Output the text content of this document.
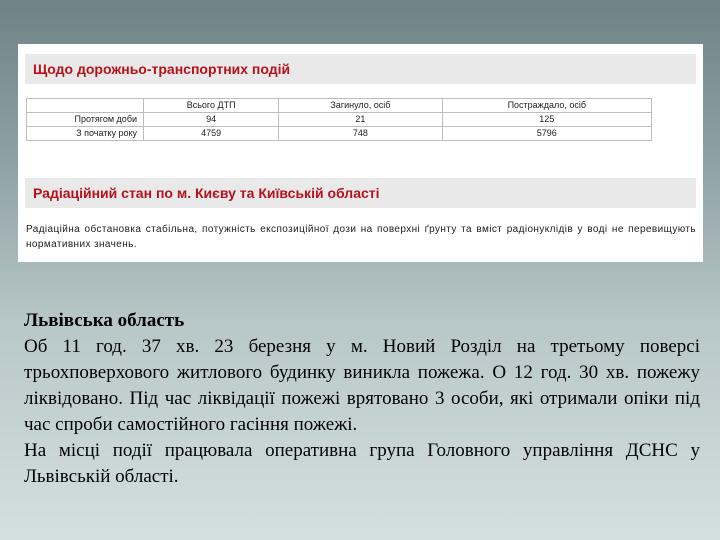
Щодо дорожньо-транспортних подій
	Всього ДТП	Загинуло, осіб	Постраждало, осіб
Протягом доби	94	21	125
З початку року	4759	748	5796
Радіаційний стан по м. Києву та Київській області
Радіаційна обстановка стабільна, потужність експозиційної дози на поверхні ґрунту та вміст радіонуклідів у воді не перевищують нормативних значень.

Львівська область

Об 11 год. 37 хв. 23 березня у м. Новий Розділ на третьому поверсі трьохповерхового житлового будинку виникла пожежа. О 12 год. 30 хв. пожежу ліквідовано. Під час ліквідації пожежі врятовано 3 особи, які отримали опіки під час спроби самостійного гасіння пожежі.

На місці події працювала оперативна група Головного управління ДСНС у Львівській області.
